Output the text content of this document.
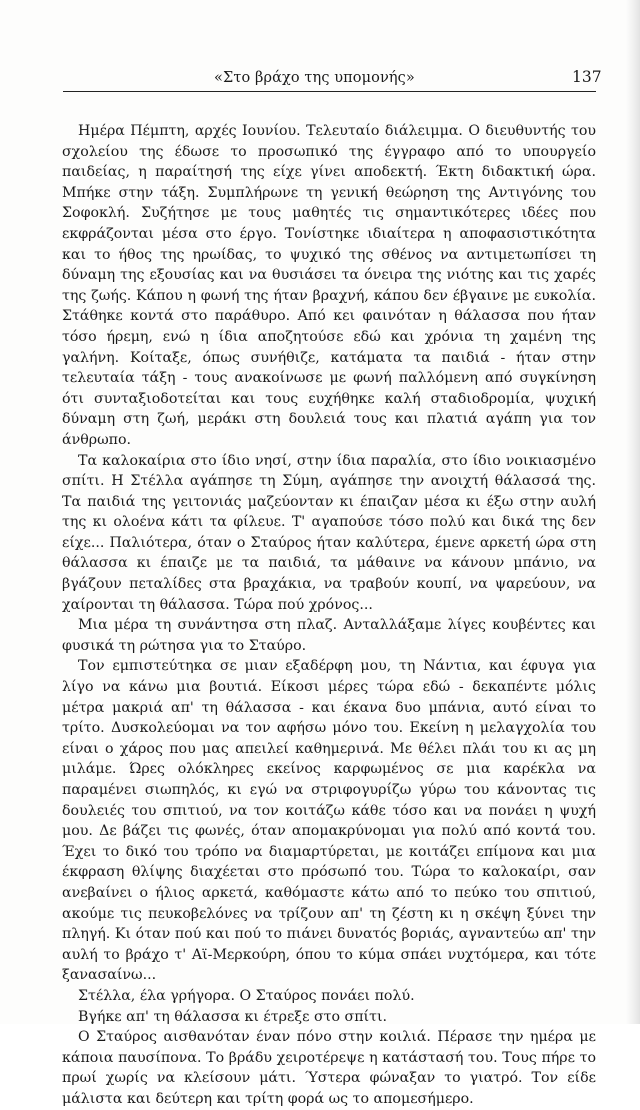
«Στο βράχο της υπομονής»	137

Ημέρα Πέμπτη, αρχές Ιουνίου. Τελευταίο διάλειμμα. Ο διευθυντής του σχολείου της έδωσε το προσωπικό της έγγραφο από το υπουργείο παιδείας, η παραίτησή της είχε γίνει αποδεκτή. Έκτη διδακτική ώρα. Μπήκε στην τάξη. Συμπλήρωνε τη γενική θεώρηση της Αντιγόνης του Σοφοκλή. Συζήτησε με τους μαθητές τις σημαντικότερες ιδέες που εκφράζονται μέσα στο έργο. Τονίστηκε ιδιαίτερα η αποφασιστικότητα και το ήθος της ηρωίδας, το ψυχικό της σθένος να αντιμετωπίσει τη δύναμη της εξουσίας και να θυσιάσει τα όνειρα της νιότης και τις χαρές της ζωής. Κάπου η φωνή της ήταν βραχνή, κάπου δεν έβγαινε με ευκολία. Στάθηκε κοντά στο παράθυρο. Από κει φαινόταν η θάλασσα που ήταν τόσο ήρεμη, ενώ η ίδια αποζητούσε εδώ και χρόνια τη χαμένη της γαλήνη. Κοίταξε, όπως συνήθιζε, κατάματα τα παιδιά - ήταν στην τελευταία τάξη - τους ανακοίνωσε με φωνή παλλόμενη από συγκίνηση ότι συνταξιοδοτείται και τους ευχήθηκε καλή σταδιοδρομία, ψυχική δύναμη στη ζωή, μεράκι στη δουλειά τους και πλατιά αγάπη για τον άνθρωπο.

Τα καλοκαίρια στο ίδιο νησί, στην ίδια παραλία, στο ίδιο νοικιασμένο σπίτι. Η Στέλλα αγάπησε τη Σύμη, αγάπησε την ανοιχτή θάλασσά της. Τα παιδιά της γειτονιάς μαζεύονταν κι έπαιζαν μέσα κι έξω στην αυλή της κι ολοένα κάτι τα φίλευε. Τ' αγαπούσε τόσο πολύ και δικά της δεν είχε... Παλιότερα, όταν ο Σταύρος ήταν καλύτερα, έμενε αρκετή ώρα στη θάλασσα κι έπαιζε με τα παιδιά, τα μάθαινε να κάνουν μπάνιο, να βγάζουν πεταλίδες στα βραχάκια, να τραβούν κουπί, να ψαρεύουν, να χαίρονται τη θάλασσα. Τώρα πού χρόνος...

Μια μέρα τη συνάντησα στη πλαζ. Ανταλλάξαμε λίγες κουβέντες και φυσικά τη ρώτησα για το Σταύρο.

Τον εμπιστεύτηκα σε μιαν εξαδέρφη μου, τη Νάντια, και έφυγα για λίγο να κάνω μια βουτιά. Είκοσι μέρες τώρα εδώ - δεκαπέντε μόλις μέτρα μακριά απ' τη θάλασσα - και έκανα δυο μπάνια, αυτό είναι το τρίτο. Δυσκολεύομαι να τον αφήσω μόνο του. Εκείνη η μελαγχολία του είναι ο χάρος που μας απειλεί καθημερινά. Με θέλει πλάι του κι ας μη μιλάμε. Ώρες ολόκληρες εκείνος καρφωμένος σε μια καρέκλα να παραμένει σιωπηλός, κι εγώ να στριφογυρίζω γύρω του κάνοντας τις δουλειές του σπιτιού, να τον κοιτάζω κάθε τόσο και να πονάει η ψυχή μου. Δε βάζει τις φωνές, όταν απομακρύνομαι για πολύ από κοντά του. Έχει το δικό του τρόπο να διαμαρτύρεται, με κοιτάζει επίμονα και μια έκφραση θλίψης διαχέεται στο πρόσωπό του. Τώρα το καλοκαίρι, σαν ανεβαίνει ο ήλιος αρκετά, καθόμαστε κάτω από το πεύκο του σπιτιού, ακούμε τις πευκοβελόνες να τρίζουν απ' τη ζέστη κι η σκέψη ξύνει την πληγή. Κι όταν πού και πού το πιάνει δυνατός βοριάς, αγναντεύω απ' την αυλή το βράχο τ' Αϊ-Μερκούρη, όπου το κύμα σπάει νυχτόμερα, και τότε ξανασαίνω...

Στέλλα, έλα γρήγορα. Ο Σταύρος πονάει πολύ.

Βγήκε απ' τη θάλασσα κι έτρεξε στο σπίτι.

Ο Σταύρος αισθανόταν έναν πόνο στην κοιλιά. Πέρασε την ημέρα με κάποια παυσίπονα. Το βράδυ χειροτέρεψε η κατάστασή του. Τους πήρε το πρωί χωρίς να κλείσουν μάτι. Ύστερα φώναξαν το γιατρό. Τον είδε μάλιστα και δεύτερη και τρίτη φορά ως το απομεσήμερο.
